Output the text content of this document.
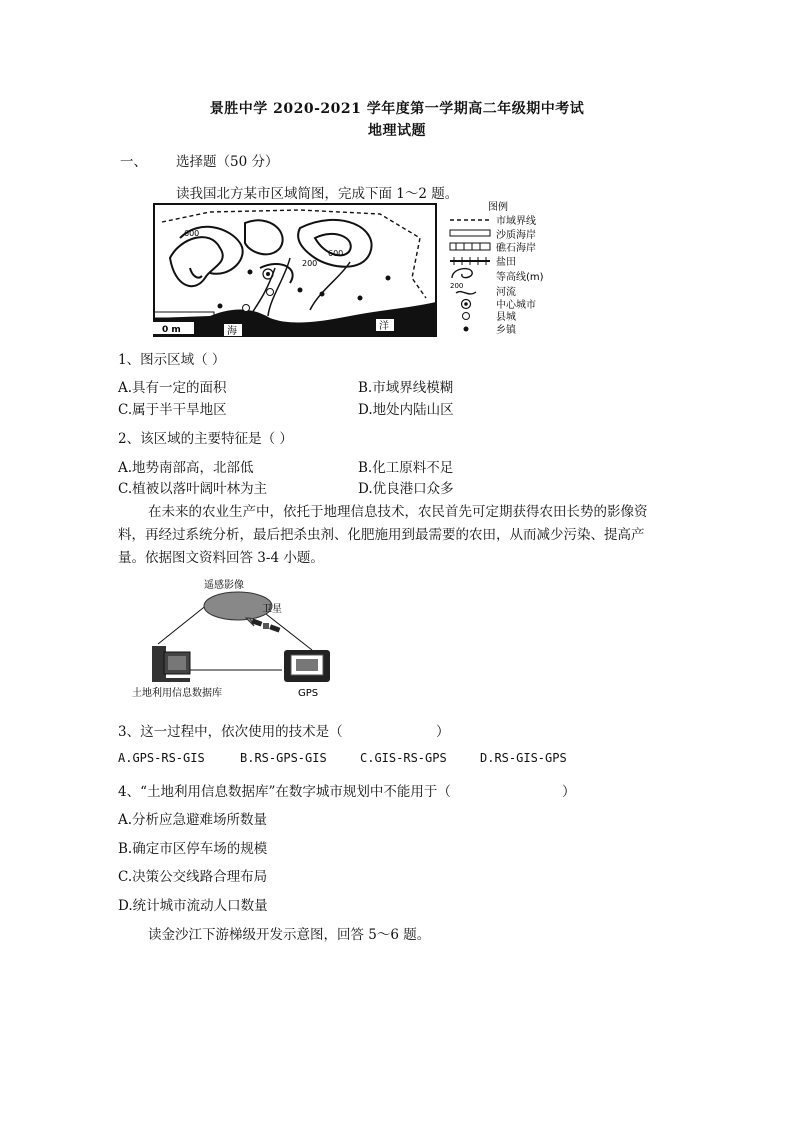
景胜中学 2020-2021 学年度第一学期高二年级期中考试
地理试题
一、 选择题（50 分）
读我国北方某市区域简图，完成下面 1～2 题。
600
600
200
0 m	海	洋
图例
市域界线
沙质海岸
礁石海岸
盐田
200
等高线(m)
河流
中心城市
县城
乡镇
1、图示区域（ ）
A.具有一定的面积	B.市域界线模糊
C.属于半干旱地区	D.地处内陆山区
2、该区域的主要特征是（ ）
A.地势南部高，北部低	B.化工原料不足
C.植被以落叶阔叶林为主	D.优良港口众多
在未来的农业生产中，依托于地理信息技术，农民首先可定期获得农田长势的影像资
料，再经过系统分析，最后把杀虫剂、化肥施用到最需要的农田，从而减少污染、提高产
量。依据图文资料回答 3-4 小题。
遥感影像
卫星
土地利用信息数据库	GPS
3、这一过程中，依次使用的技术是（	）
A.GPS-RS-GIS	B.RS-GPS-GIS	C.GIS-RS-GPS	D.RS-GIS-GPS
4、“土地利用信息数据库”在数字城市规划中不能用于（	）
A.分析应急避难场所数量
B.确定市区停车场的规模
C.决策公交线路合理布局
D.统计城市流动人口数量
读金沙江下游梯级开发示意图，回答 5～6 题。
